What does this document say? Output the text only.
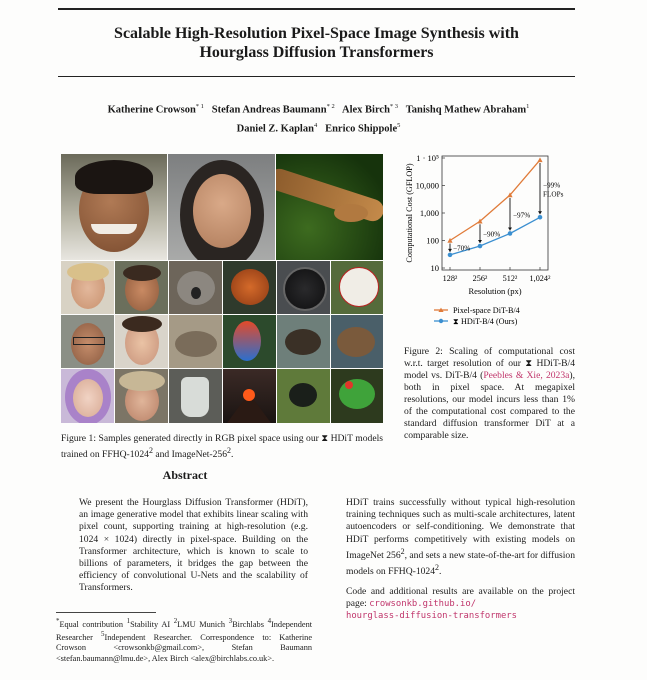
Scalable High-Resolution Pixel-Space Image Synthesis with
Hourglass Diffusion Transformers
Katherine Crowson$^{* 1}$ Stefan Andreas Baumann$^{* 2}$ Alex Birch$^{* 3}$ Tanishq Mathew Abraham$^1$
Daniel Z. Kaplan$^4$ Enrico Shippole$^5$
Figure 1: Samples generated directly in RGB pixel space using our ⧗ HDiT models trained on FFHQ-1024$^2$ and ImageNet-$256^2$.
10
100
1,000
10,000
1 · 10⁵
128² 256² 512² 1,024²
Resolution (px)
Computational Cost (GFLOP)	−70%
−90%
−97%
−99%
FLOPs
Pixel-space DiT-B/4
⧗ HDiT-B/4 (Ours)
Figure 2: Scaling of computational cost w.r.t. target resolution of our ⧗ HDiT-B/4 model vs. DiT-B/4 (Peebles & Xie, 2023a), both in pixel space. At megapixel resolutions, our model incurs less than 1% of the computational cost compared to the standard diffusion transformer DiT at a comparable size.
Abstract

We present the Hourglass Diffusion Transformer (HDiT), an image generative model that exhibits linear scaling with pixel count, supporting training at high-resolution (e.g. 1024 × 1024) directly in pixel-space. Building on the Transformer architecture, which is known to scale to billions of parameters, it bridges the gap between the efficiency of convolutional U-Nets and the scalability of Transformers.

HDiT trains successfully without typical high-resolution training techniques such as multi-scale architectures, latent autoencoders or self-conditioning. We demonstrate that HDiT performs competitively with existing models on ImageNet $256^2$, and sets a new state-of-the-art for diffusion models on FFHQ-1024$^2$.

Code and additional results are available on the project page: crowsonkb.github.io/
hourglass-diffusion-transformers

*Equal contribution $^1$Stability AI $^2$LMU Munich $^3$Birchlabs $^4$Independent Researcher $^5$Independent Researcher. Correspondence to: Katherine Crowson <crowsonkb@gmail.com>, Stefan Baumann <stefan.baumann@lmu.de>, Alex Birch <alex@birchlabs.co.uk>.
